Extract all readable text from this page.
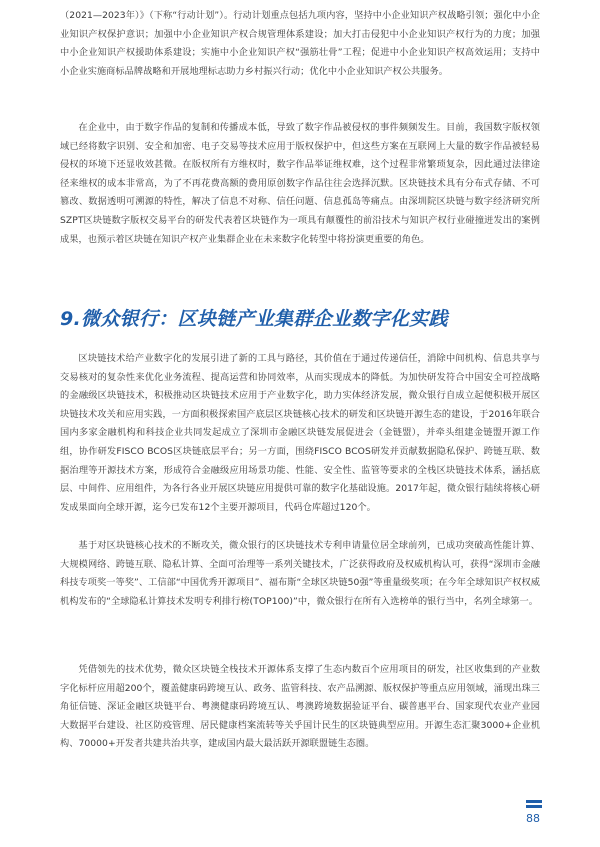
（2021—2023年）》（下称“行动计划”）。行动计划重点包括九项内容，坚持中小企业知识产权战略引领；强化中小企业知识产权保护意识；加强中小企业知识产权合规管理体系建设；加大打击侵犯中小企业知识产权行为的力度；加强中小企业知识产权援助体系建设；实施中小企业知识产权“强筋壮骨”工程；促进中小企业知识产权高效运用；支持中小企业实施商标品牌战略和开展地理标志助力乡村振兴行动；优化中小企业知识产权公共服务。

在企业中，由于数字作品的复制和传播成本低，导致了数字作品被侵权的事件频频发生。目前，我国数字版权领域已经将数字识别、安全和加密、电子交易等技术应用于版权保护中，但这些方案在互联网上大量的数字作品被轻易侵权的环境下还显收效甚微。在版权所有方维权时，数字作品举证维权难，这个过程非常繁琐复杂，因此通过法律途径来维权的成本非常高，为了不再花费高额的费用原创数字作品往往会选择沉默。区块链技术具有分布式存储、不可篡改、数据透明可溯源的特性，解决了信息不对称、信任问题、信息孤岛等痛点。由深圳院区块链与数字经济研究所SZPT区块链数字版权交易平台的研发代表着区块链作为一项具有颠覆性的前沿技术与知识产权行业碰撞迸发出的案例成果，也预示着区块链在知识产权产业集群企业在未来数字化转型中将扮演更重要的角色。

9.微众银行：区块链产业集群企业数字化实践

区块链技术给产业数字化的发展引进了新的工具与路径，其价值在于通过传递信任，消除中间机构、信息共享与交易核对的复杂性来优化业务流程、提高运营和协同效率，从而实现成本的降低。为加快研发符合中国安全可控战略的金融级区块链技术，积极推动区块链技术应用于产业数字化，助力实体经济发展，微众银行自成立起便积极开展区块链技术攻关和应用实践，一方面积极探索国产底层区块链核心技术的研发和区块链开源生态的建设，于2016年联合国内多家金融机构和科技企业共同发起成立了深圳市金融区块链发展促进会（金链盟），并牵头组建金链盟开源工作组，协作研发FISCO BCOS区块链底层平台；另一方面，围绕FISCO BCOS研发并贡献数据隐私保护、跨链互联、数据治理等开源技术方案，形成符合金融级应用场景功能、性能、安全性、监管等要求的全栈区块链技术体系，涵括底层、中间件、应用组件，为各行各业开展区块链应用提供可靠的数字化基础设施。2017年起，微众银行陆续将核心研发成果面向全球开源，迄今已发布12个主要开源项目，代码仓库超过120个。

基于对区块链核心技术的不断攻关，微众银行的区块链技术专利申请量位居全球前列，已成功突破高性能计算、大规模网络、跨链互联、隐私计算、全面可治理等一系列关键技术，广泛获得政府及权威机构认可，获得“深圳市金融科技专项奖一等奖”、工信部“中国优秀开源项目”、福布斯“全球区块链50强”等重量级奖项；在今年全球知识产权权威机构发布的“全球隐私计算技术发明专利排行榜(TOP100)”中，微众银行在所有入选榜单的银行当中，名列全球第一。

凭借领先的技术优势，微众区块链全栈技术开源体系支撑了生态内数百个应用项目的研发，社区收集到的产业数字化标杆应用超200个，覆盖健康码跨境互认、政务、监管科技、农产品溯源、版权保护等重点应用领域，涌现出珠三角征信链、深证金融区块链平台、粤澳健康码跨境互认、粤澳跨境数据验证平台、碳普惠平台、国家现代农业产业园大数据平台建设、社区防疫管理、居民健康档案流转等关乎国计民生的区块链典型应用。开源生态汇聚3000+企业机构、70000+开发者共建共治共享，建成国内最大最活跃开源联盟链生态圈。

88
